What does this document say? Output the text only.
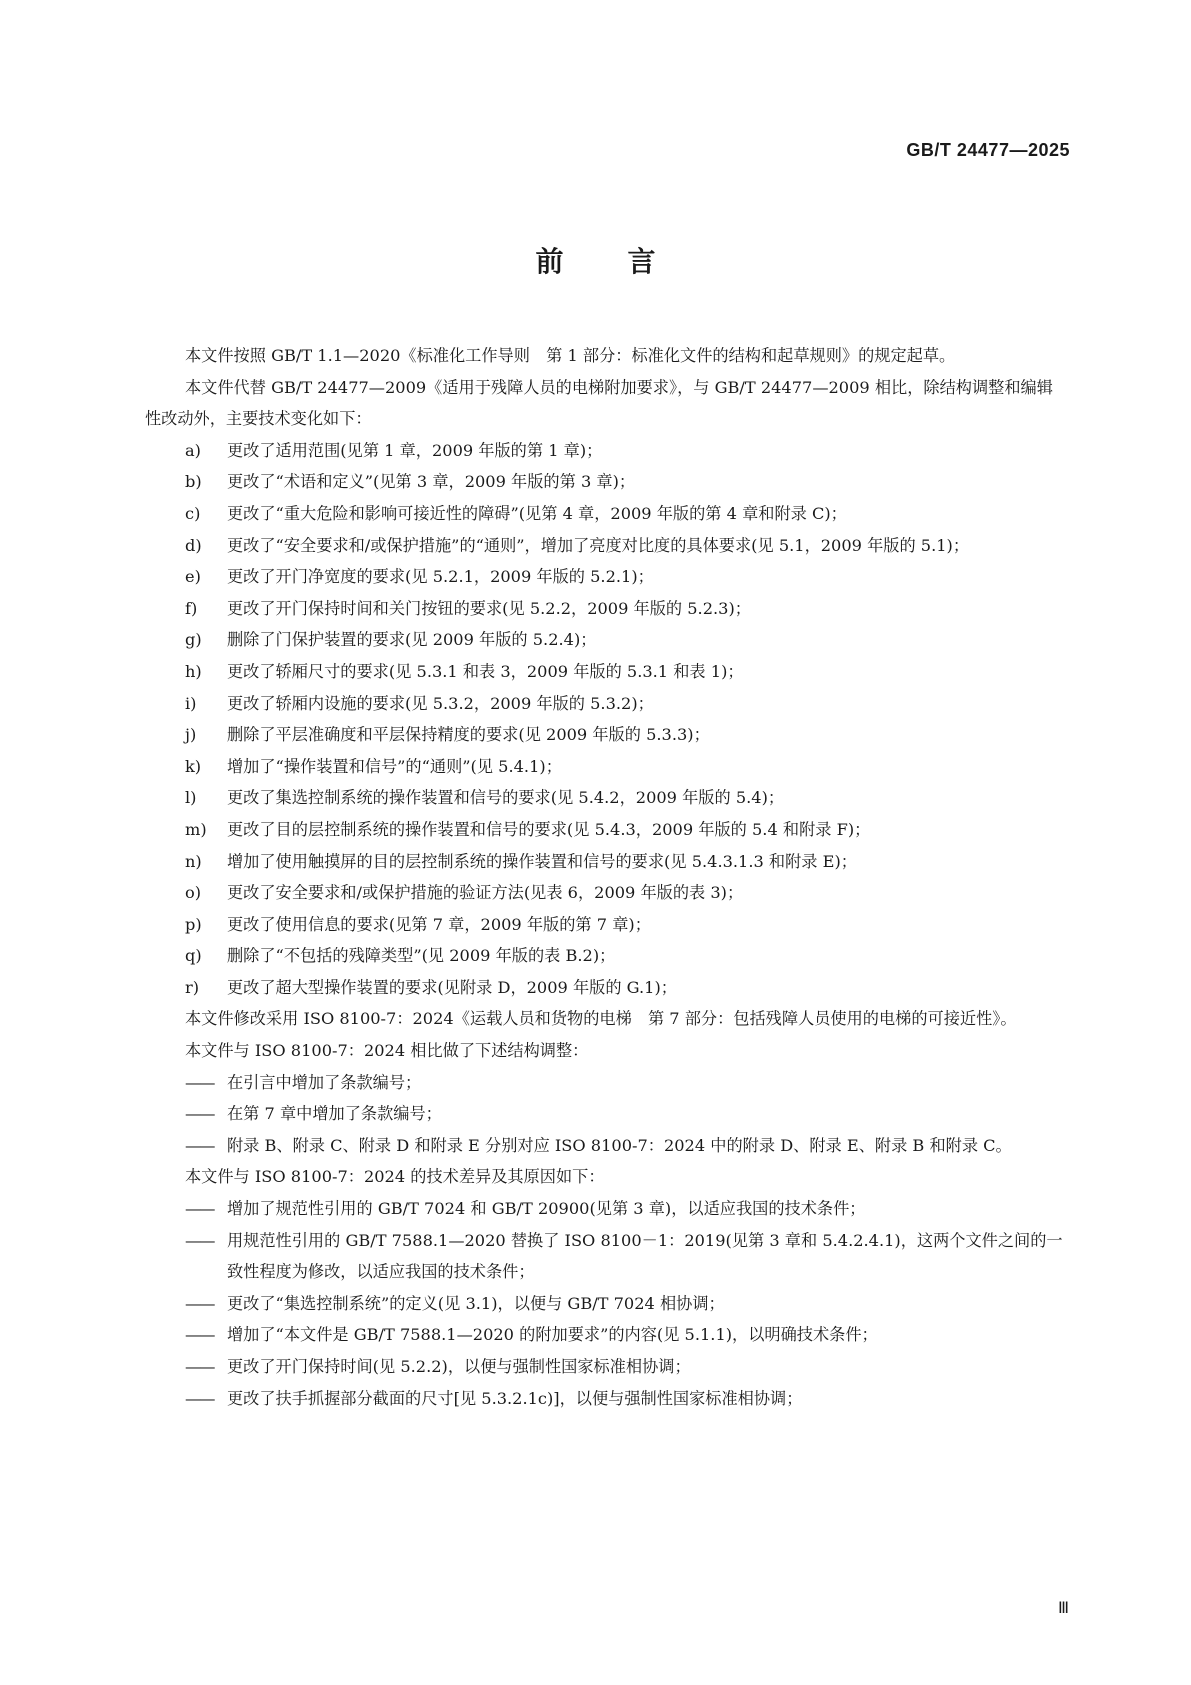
GB/T 24477—2025
前 言

本文件按照 GB/T 1.1—2020《标准化工作导则　第 1 部分：标准化文件的结构和起草规则》的规定起草。

本文件代替 GB/T 24477—2009《适用于残障人员的电梯附加要求》，与 GB/T 24477—2009 相比，除结构调整和编辑性改动外，主要技术变化如下：

a) 更改了适用范围(见第 1 章，2009 年版的第 1 章)；

b) 更改了“术语和定义”(见第 3 章，2009 年版的第 3 章)；

c) 更改了“重大危险和影响可接近性的障碍”(见第 4 章，2009 年版的第 4 章和附录 C)；

d) 更改了“安全要求和/或保护措施”的“通则”，增加了亮度对比度的具体要求(见 5.1，2009 年版的 5.1)；

e) 更改了开门净宽度的要求(见 5.2.1，2009 年版的 5.2.1)；

f) 更改了开门保持时间和关门按钮的要求(见 5.2.2，2009 年版的 5.2.3)；

g) 删除了门保护装置的要求(见 2009 年版的 5.2.4)；

h) 更改了轿厢尺寸的要求(见 5.3.1 和表 3，2009 年版的 5.3.1 和表 1)；

i) 更改了轿厢内设施的要求(见 5.3.2，2009 年版的 5.3.2)；

j) 删除了平层准确度和平层保持精度的要求(见 2009 年版的 5.3.3)；

k) 增加了“操作装置和信号”的“通则”(见 5.4.1)；

l) 更改了集选控制系统的操作装置和信号的要求(见 5.4.2，2009 年版的 5.4)；

m) 更改了目的层控制系统的操作装置和信号的要求(见 5.4.3，2009 年版的 5.4 和附录 F)；

n) 增加了使用触摸屏的目的层控制系统的操作装置和信号的要求(见 5.4.3.1.3 和附录 E)；

o) 更改了安全要求和/或保护措施的验证方法(见表 6，2009 年版的表 3)；

p) 更改了使用信息的要求(见第 7 章，2009 年版的第 7 章)；

q) 删除了“不包括的残障类型”(见 2009 年版的表 B.2)；

r) 更改了超大型操作装置的要求(见附录 D，2009 年版的 G.1)；

本文件修改采用 ISO 8100-7：2024《运载人员和货物的电梯　第 7 部分：包括残障人员使用的电梯的可接近性》。

本文件与 ISO 8100-7：2024 相比做了下述结构调整：

—— 在引言中增加了条款编号；

—— 在第 7 章中增加了条款编号；

—— 附录 B、附录 C、附录 D 和附录 E 分别对应 ISO 8100-7：2024 中的附录 D、附录 E、附录 B 和附录 C。

本文件与 ISO 8100-7：2024 的技术差异及其原因如下：

—— 增加了规范性引用的 GB/T 7024 和 GB/T 20900(见第 3 章)，以适应我国的技术条件；

—— 用规范性引用的 GB/T 7588.1—2020 替换了 ISO 8100－1：2019(见第 3 章和 5.4.2.4.1)，这两个文件之间的一致性程度为修改，以适应我国的技术条件；

—— 更改了“集选控制系统”的定义(见 3.1)，以便与 GB/T 7024 相协调；

—— 增加了“本文件是 GB/T 7588.1—2020 的附加要求”的内容(见 5.1.1)，以明确技术条件；

—— 更改了开门保持时间(见 5.2.2)，以便与强制性国家标准相协调；

—— 更改了扶手抓握部分截面的尺寸[见 5.3.2.1c)]，以便与强制性国家标准相协调；

Ⅲ
